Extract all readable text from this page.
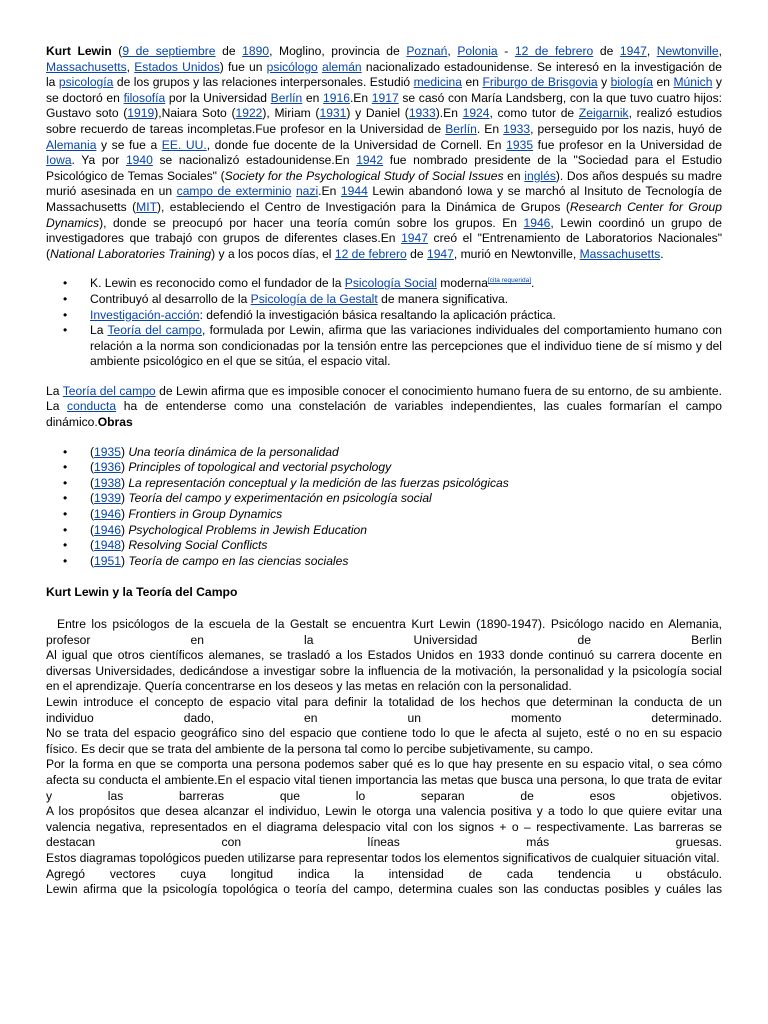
Kurt Lewin (9 de septiembre de 1890, Moglino, provincia de Poznań, Polonia - 12 de febrero de 1947, Newtonville, Massachusetts, Estados Unidos) fue un psicólogo alemán nacionalizado estadounidense. Se interesó en la investigación de la psicología de los grupos y las relaciones interpersonales. Estudió medicina en Friburgo de Brisgovia y biología en Múnich y se doctoró en filosofía por la Universidad Berlín en 1916.En 1917 se casó con María Landsberg, con la que tuvo cuatro hijos: Gustavo soto (1919),Naiara Soto (1922), Miriam (1931) y Daniel (1933).En 1924, como tutor de Zeigarnik, realizó estudios sobre recuerdo de tareas incompletas.Fue profesor en la Universidad de Berlín. En 1933, perseguido por los nazis, huyó de Alemania y se fue a EE. UU., donde fue docente de la Universidad de Cornell. En 1935 fue profesor en la Universidad de Iowa. Ya por 1940 se nacionalizó estadounidense.En 1942 fue nombrado presidente de la "Sociedad para el Estudio Psicológico de Temas Sociales" (Society for the Psychological Study of Social Issues en inglés). Dos años después su madre murió asesinada en un campo de exterminio nazi.En 1944 Lewin abandonó Iowa y se marchó al Insituto de Tecnología de Massachusetts (MIT), estableciendo el Centro de Investigación para la Dinámica de Grupos (Research Center for Group Dynamics), donde se preocupó por hacer una teoría común sobre los grupos. En 1946, Lewin coordinó un grupo de investigadores que trabajó con grupos de diferentes clases.En 1947 creó el "Entrenamiento de Laboratorios Nacionales" (National Laboratories Training) y a los pocos días, el 12 de febrero de 1947, murió en Newtonville, Massachusetts.

• K. Lewin es reconocido como el fundador de la Psicología Social moderna[cita requerida].
• Contribuyó al desarrollo de la Psicología de la Gestalt de manera significativa.
• Investigación-acción: defendió la investigación básica resaltando la aplicación práctica.
• La Teoría del campo, formulada por Lewin, afirma que las variaciones individuales del comportamiento humano con relación a la norma son condicionadas por la tensión entre las percepciones que el individuo tiene de sí mismo y del ambiente psicológico en el que se sitúa, el espacio vital.

La Teoría del campo de Lewin afirma que es imposible conocer el conocimiento humano fuera de su entorno, de su ambiente. La conducta ha de entenderse como una constelación de variables independientes, las cuales formarían el campo dinámico.Obras

• (1935) Una teoría dinámica de la personalidad
• (1936) Principles of topological and vectorial psychology
• (1938) La representación conceptual y la medición de las fuerzas psicológicas
• (1939) Teoría del campo y experimentación en psicología social
• (1946) Frontiers in Group Dynamics
• (1946) Psychological Problems in Jewish Education
• (1948) Resolving Social Conflicts
• (1951) Teoría de campo en las ciencias sociales
Kurt Lewin y la Teoría del Campo

Entre los psicólogos de la escuela de la Gestalt se encuentra Kurt Lewin (1890-1947). Psicólogo nacido en Alemania, profesor en la Universidad de Berlin

Al igual que otros científicos alemanes, se trasladó a los Estados Unidos en 1933 donde continuó su carrera docente en diversas Universidades, dedicándose a investigar sobre la influencia de la motivación, la personalidad y la psicología social en el aprendizaje. Quería concentrarse en los deseos y las metas en relación con la personalidad.

Lewin introduce el concepto de espacio vital para definir la totalidad de los hechos que determinan la conducta de un individuo dado, en un momento determinado.

No se trata del espacio geográfico sino del espacio que contiene todo lo que le afecta al sujeto, esté o no en su espacio físico. Es decir que se trata del ambiente de la persona tal como lo percibe subjetivamente, su campo.

Por la forma en que se comporta una persona podemos saber qué es lo que hay presente en su espacio vital, o sea cómo afecta su conducta el ambiente.En el espacio vital tienen importancia las metas que busca una persona, lo que trata de evitar y las barreras que lo separan de esos objetivos.

A los propósitos que desea alcanzar el individuo, Lewin le otorga una valencia positiva y a todo lo que quiere evitar una valencia negativa, representados en el diagrama delespacio vital con los signos + o – respectivamente. Las barreras se destacan con líneas más gruesas.

Estos diagramas topológicos pueden utilizarse para representar todos los elementos significativos de cualquier situación vital.

Agregó vectores cuya longitud indica la intensidad de cada tendencia u obstáculo.

Lewin afirma que la psicología topológica o teoría del campo, determina cuales son las conductas posibles y cuáles las
